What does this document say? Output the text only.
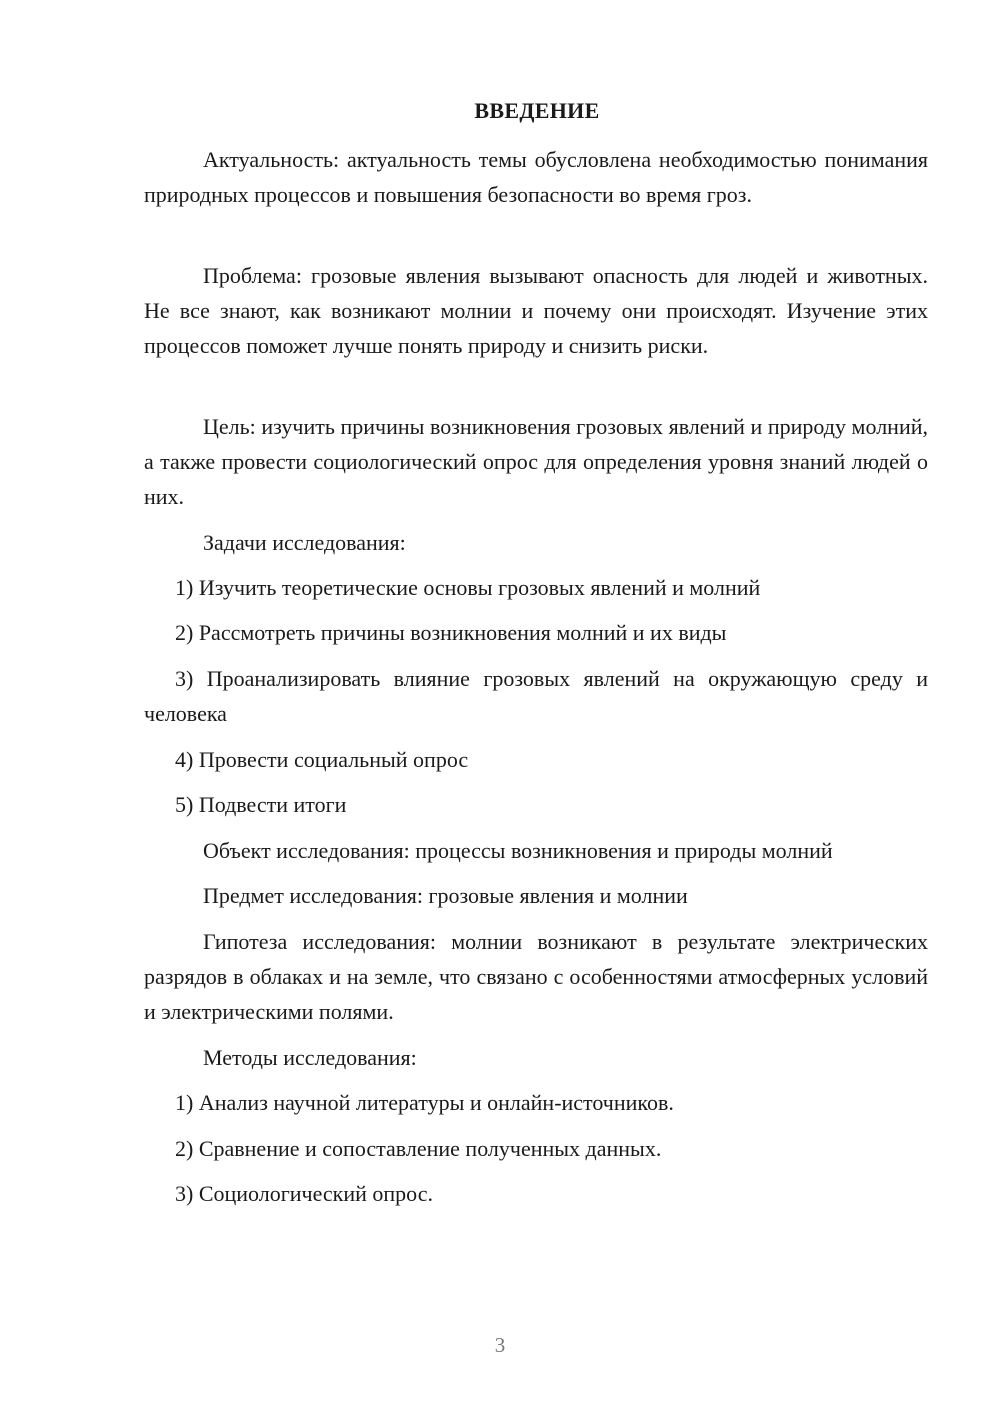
ВВЕДЕНИЕ
Актуальность: актуальность темы обусловлена необходимостью понимания природных процессов и повышения безопасности во время гроз.
Проблема: грозовые явления вызывают опасность для людей и животных. Не все знают, как возникают молнии и почему они происходят. Изучение этих процессов поможет лучше понять природу и снизить риски.
Цель: изучить причины возникновения грозовых явлений и природу молний, а также провести социологический опрос для определения уровня знаний людей о них.
Задачи исследования:
1) Изучить теоретические основы грозовых явлений и молний
2) Рассмотреть причины возникновения молний и их виды
3) Проанализировать влияние грозовых явлений на окружающую среду и человека
4) Провести социальный опрос
5) Подвести итоги
Объект исследования: процессы возникновения и природы молний
Предмет исследования: грозовые явления и молнии
Гипотеза исследования: молнии возникают в результате электрических разрядов в облаках и на земле, что связано с особенностями атмосферных условий и электрическими полями.
Методы исследования:
1) Анализ научной литературы и онлайн-источников.
2) Сравнение и сопоставление полученных данных.
3) Социологический опрос.
3
